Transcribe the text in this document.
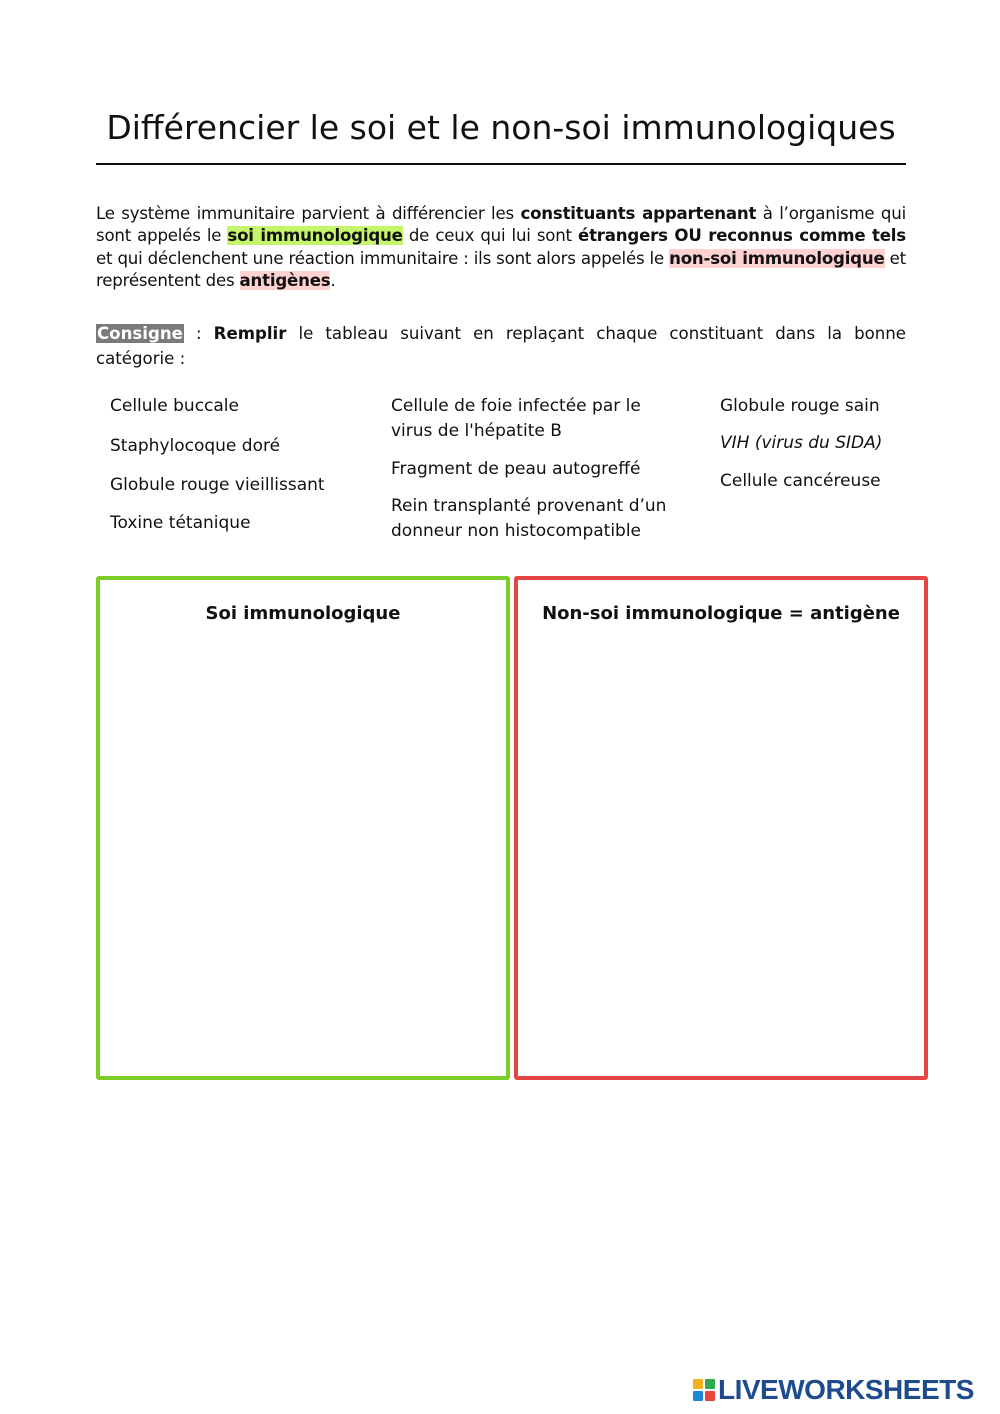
Différencier le soi et le non-soi immunologiques
Le système immunitaire parvient à différencier les constituants appartenant à l’organisme qui sont appelés le soi immunologique de ceux qui lui sont étrangers OU reconnus comme tels et qui déclenchent une réaction immunitaire : ils sont alors appelés le non-soi immunologique et représentent des antigènes.
Consigne : Remplir le tableau suivant en replaçant chaque constituant dans la bonne catégorie :
Cellule buccale
Staphylocoque doré
Globule rouge vieillissant
Toxine tétanique
Cellule de foie infectée par le
virus de l'hépatite B
Fragment de peau autogreffé
Rein transplanté provenant d’un
donneur non histocompatible
Globule rouge sain
VIH (virus du SIDA)
Cellule cancéreuse
Soi immunologique	Non-soi immunologique = antigène
LIVEWORKSHEETS
